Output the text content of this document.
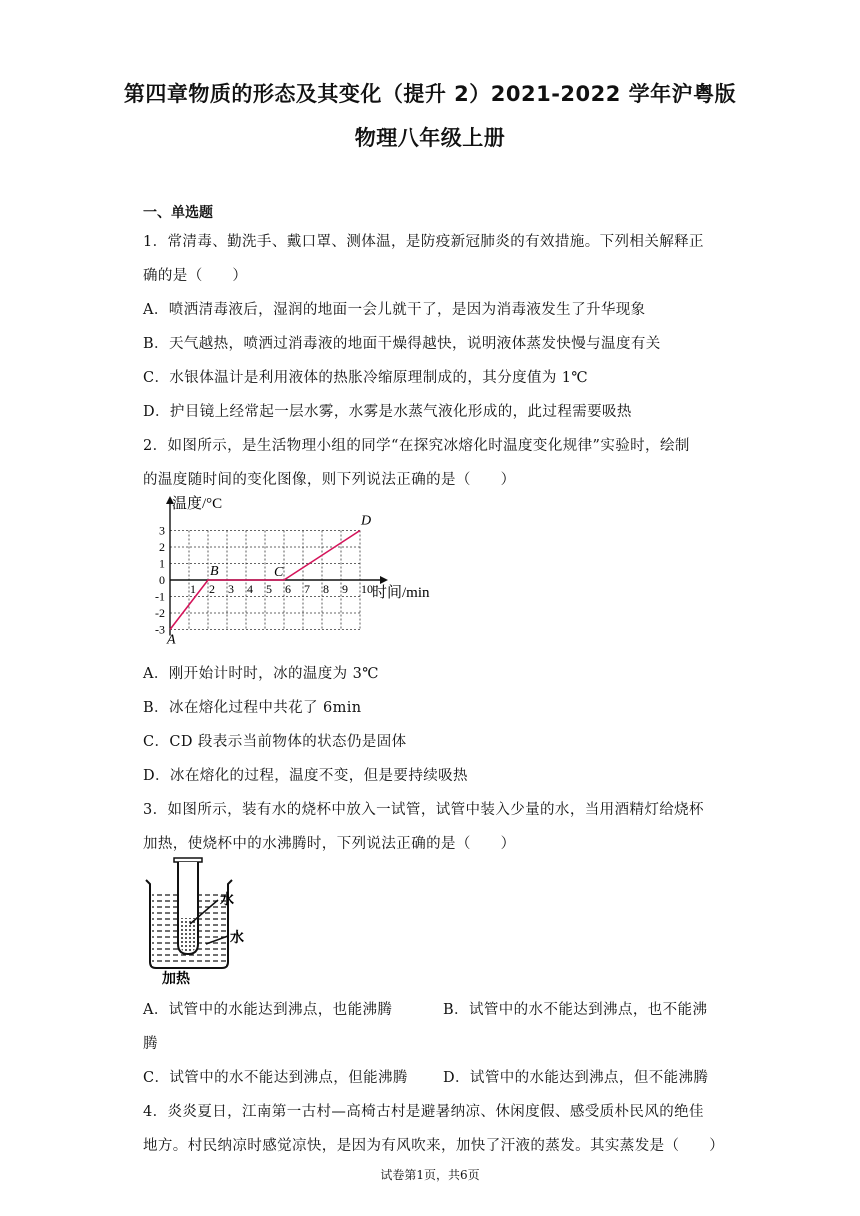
第四章物质的形态及其变化（提升 2）2021-2022 学年沪粤版
物理八年级上册
一、单选题
1．常清毒、勤洗手、戴口罩、测体温，是防疫新冠肺炎的有效措施。下列相关解释正
确的是（　　）
A．喷洒清毒液后，湿润的地面一会儿就干了，是因为消毒液发生了升华现象
B．天气越热，喷洒过消毒液的地面干燥得越快，说明液体蒸发快慢与温度有关
C．水银体温计是利用液体的热胀冷缩原理制成的，其分度值为 1℃
D．护目镜上经常起一层水雾，水雾是水蒸气液化形成的，此过程需要吸热
2．如图所示，是生活物理小组的同学“在探究冰熔化时温度变化规律”实验时，绘制
的温度随时间的变化图像，则下列说法正确的是（　　）
1 2 3 4 5 6 7 8 9 10
3
2
1
0
-1
-2
-3
温度/°C
时间/min
A
B	C
D
A．刚开始计时时，冰的温度为 3℃
B．冰在熔化过程中共花了 6min
C．CD 段表示当前物体的状态仍是固体
D．冰在熔化的过程，温度不变，但是要持续吸热
3．如图所示，装有水的烧杯中放入一试管，试管中装入少量的水，当用酒精灯给烧杯
加热，使烧杯中的水沸腾时，下列说法正确的是（　　）
水
水
加热
A．试管中的水能达到沸点，也能沸腾	B．试管中的水不能达到沸点，也不能沸
腾
C．试管中的水不能达到沸点，但能沸腾 D．试管中的水能达到沸点，但不能沸腾
4．炎炎夏日，江南第一古村—高椅古村是避暑纳凉、休闲度假、感受质朴民风的绝佳
地方。村民纳凉时感觉凉快，是因为有风吹来，加快了汗液的蒸发。其实蒸发是（　　）
试卷第1页，共6页
